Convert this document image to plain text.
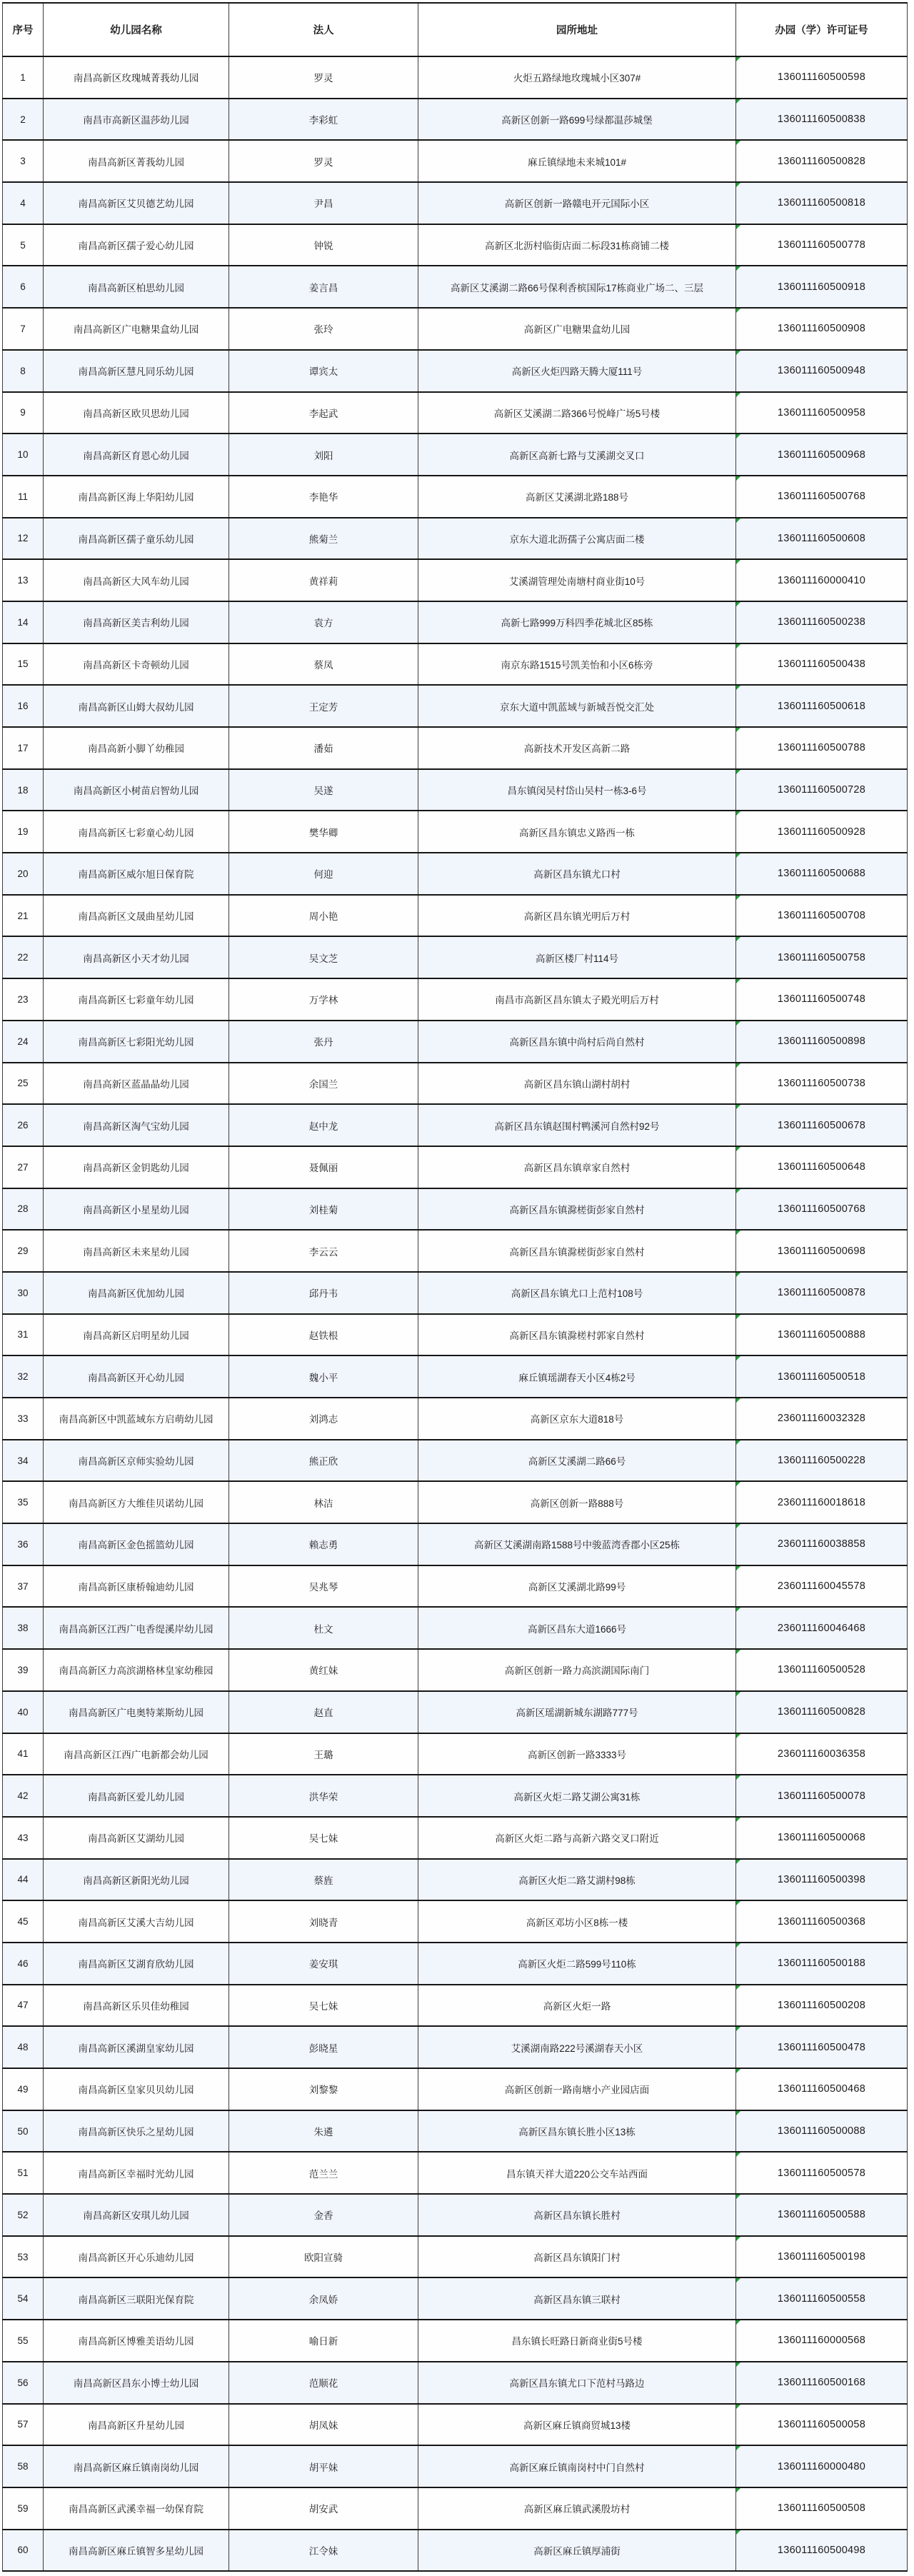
序号	幼儿园名称	法人	园所地址	办园（学）许可证号
1	南昌高新区玫瑰城菁莪幼儿园	罗灵	火炬五路绿地玫瑰城小区307#	136011160500598

2	南昌市高新区温莎幼儿园	李彩虹	高新区创新一路699号绿都温莎城堡	136011160500838

3	南昌高新区菁莪幼儿园	罗灵	麻丘镇绿地未来城101#	136011160500828

4	南昌高新区艾贝德艺幼儿园	尹昌	高新区创新一路赣电开元国际小区	136011160500818

5	南昌高新区孺子爱心幼儿园	钟锐	高新区北沥村临街店面二标段31栋商铺二楼	136011160500778

6	南昌高新区柏思幼儿园	姜言昌	高新区艾溪湖二路66号保利香槟国际17栋商业广场二、三层	136011160500918

7	南昌高新区广电糖果盒幼儿园	张玲	高新区广电糖果盒幼儿园	136011160500908

8	南昌高新区慧凡同乐幼儿园	谭宾太	高新区火炬四路天腾大厦111号	136011160500948

9	南昌高新区欧贝思幼儿园	李起武	高新区艾溪湖二路366号悦峰广场5号楼	136011160500958

10	南昌高新区育恩心幼儿园	刘阳	高新区高新七路与艾溪湖交叉口	136011160500968

11	南昌高新区海上华阳幼儿园	李艳华	高新区艾溪湖北路188号	136011160500768

12	南昌高新区孺子童乐幼儿园	熊菊兰	京东大道北沥孺子公寓店面二楼	136011160500608

13	南昌高新区大风车幼儿园	黄祥莉	艾溪湖管理处南塘村商业街10号	136011160000410

14	南昌高新区美吉利幼儿园	袁方	高新七路999万科四季花城北区85栋	136011160500238

15	南昌高新区卡奇顿幼儿园	蔡凤	南京东路1515号凯美怡和小区6栋旁	136011160500438

16	南昌高新区山姆大叔幼儿园	王定芳	京东大道中凯蓝域与新城吾悦交汇处	136011160500618

17	南昌高新小脚丫幼稚园	潘茹	高新技术开发区高新二路	136011160500788

18	南昌高新区小树苗启智幼儿园	吴遂	昌东镇闵吴村岱山吴村一栋3-6号	136011160500728

19	南昌高新区七彩童心幼儿园	樊华卿	高新区昌东镇忠义路西一栋	136011160500928

20	南昌高新区威尔旭日保育院	何迎	高新区昌东镇尤口村	136011160500688

21	南昌高新区文晟曲星幼儿园	周小艳	高新区昌东镇光明后万村	136011160500708

22	南昌高新区小天才幼儿园	吴文芝	高新区楼厂村114号	136011160500758

23	南昌高新区七彩童年幼儿园	万学林	南昌市高新区昌东镇太子殿光明后万村	136011160500748

24	南昌高新区七彩阳光幼儿园	张丹	高新区昌东镇中尚村后尚自然村	136011160500898

25	南昌高新区蓝晶晶幼儿园	余国兰	高新区昌东镇山湖村胡村	136011160500738

26	南昌高新区淘气宝幼儿园	赵中龙	高新区昌东镇赵围村鸭溪河自然村92号	136011160500678

27	南昌高新区金钥匙幼儿园	聂佩丽	高新区昌东镇章家自然村	136011160500648

28	南昌高新区小星星幼儿园	刘桂菊	高新区昌东镇滁槎街彭家自然村	136011160500768

29	南昌高新区未来星幼儿园	李云云	高新区昌东镇滁槎街彭家自然村	136011160500698

30	南昌高新区优加幼儿园	邱丹韦	高新区昌东镇尤口上范村108号	136011160500878

31	南昌高新区启明星幼儿园	赵铁根	高新区昌东镇滁槎村郭家自然村	136011160500888

32	南昌高新区开心幼儿园	魏小平	麻丘镇瑶湖春天小区4栋2号	136011160500518

33	南昌高新区中凯蓝域东方启萌幼儿园	刘鸿志	高新区京东大道818号	236011160032328

34	南昌高新区京师实验幼儿园	熊正欣	高新区艾溪湖二路66号	136011160500228

35	南昌高新区方大维佳贝诺幼儿园	林洁	高新区创新一路888号	236011160018618

36	南昌高新区金色摇篮幼儿园	赖志勇	高新区艾溪湖南路1588号中骏蓝湾香郡小区25栋	236011160038858

37	南昌高新区康桥翰迪幼儿园	吴兆琴	高新区艾溪湖北路99号	236011160045578

38	南昌高新区江西广电香缇溪岸幼儿园	杜文	高新区昌东大道1666号	236011160046468

39	南昌高新区力高滨湖格林皇家幼稚园	黄红妹	高新区创新一路力高滨湖国际南门	136011160500528

40	南昌高新区广电奥特莱斯幼儿园	赵直	高新区瑶湖新城东湖路777号	136011160500828

41	南昌高新区江西广电新都会幼儿园	王璐	高新区创新一路3333号	236011160036358

42	南昌高新区爱儿幼儿园	洪华荣	高新区火炬二路艾湖公寓31栋	136011160500078

43	南昌高新区艾湖幼儿园	吴七妹	高新区火炬二路与高新六路交叉口附近	136011160500068

44	南昌高新区新阳光幼儿园	蔡旌	高新区火炬二路艾湖村98栋	136011160500398

45	南昌高新区艾溪大吉幼儿园	刘晓青	高新区邓坊小区8栋一楼	136011160500368

46	南昌高新区艾湖育欣幼儿园	姜安琪	高新区火炬二路599号110栋	136011160500188

47	南昌高新区乐贝佳幼稚园	吴七妹	高新区火炬一路	136011160500208

48	南昌高新区溪湖皇家幼儿园	彭晓星	艾溪湖南路222号溪湖春天小区	136011160500478

49	南昌高新区皇家贝贝幼儿园	刘黎黎	高新区创新一路南塘小产业园店面	136011160500468

50	南昌高新区快乐之星幼儿园	朱遴	高新区昌东镇长胜小区13栋	136011160500088

51	南昌高新区幸福时光幼儿园	范兰兰	昌东镇天祥大道220公交车站西面	136011160500578

52	南昌高新区安琪儿幼儿园	金香	高新区昌东镇长胜村	136011160500588

53	南昌高新区开心乐迪幼儿园	欧阳宣骑	高新区昌东镇阳门村	136011160500198

54	南昌高新区三联阳光保育院	余凤娇	高新区昌东镇三联村	136011160500558

55	南昌高新区博雅美语幼儿园	喻日新	昌东镇长旺路日新商业街5号楼	136011160000568

56	南昌高新区昌东小博士幼儿园	范顺花	高新区昌东镇尤口下范村马路边	136011160500168

57	南昌高新区升星幼儿园	胡凤妹	高新区麻丘镇商贸城13楼	136011160500058

58	南昌高新区麻丘镇南岗幼儿园	胡平妹	高新区麻丘镇南岗村中门自然村	136011160000480

59	南昌高新区武溪幸福一幼保育院	胡安武	高新区麻丘镇武溪殷坊村	136011160500508

60	南昌高新区麻丘镇智多星幼儿园	江令妹	高新区麻丘镇厚浦街	136011160500498
